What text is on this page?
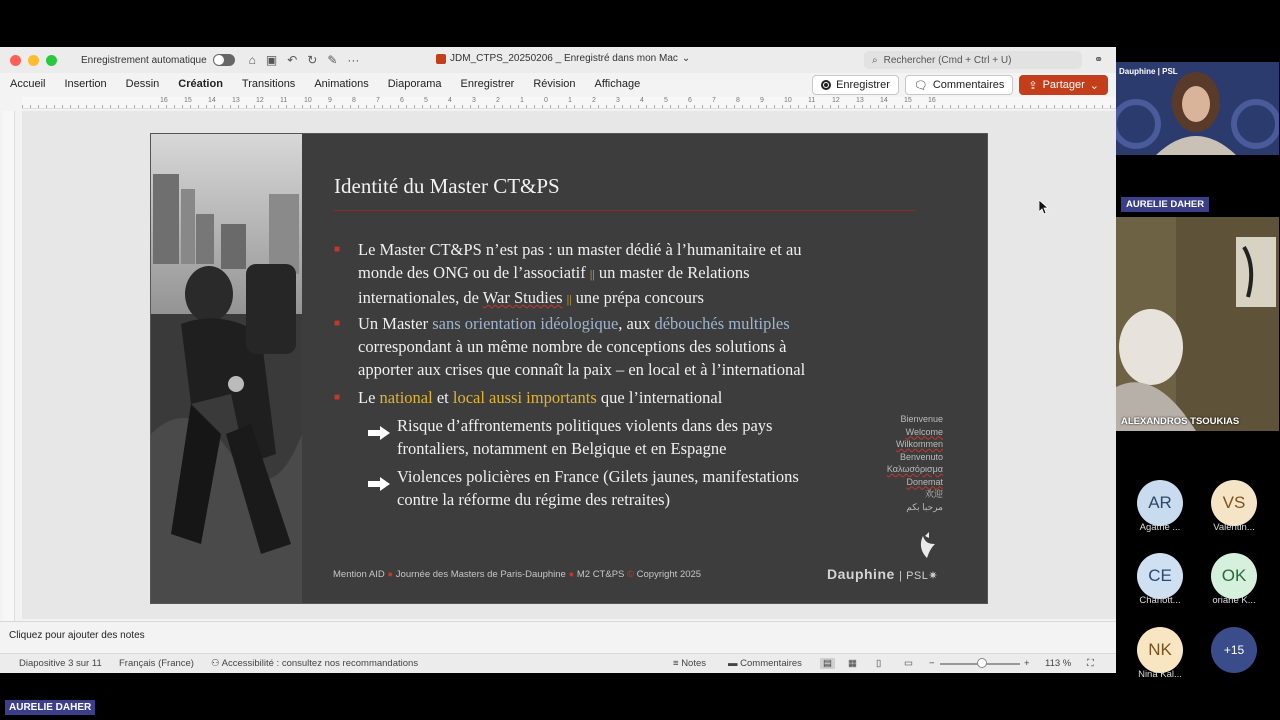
Enregistrement automatique	⌂ ▣ ↶ ↻ ✎ ···	JDM_CTPS_20250206 _ Enregistré dans mon Mac ⌄	⌕ Rechercher (Cmd + Ctrl + U)	⚭
Accueil Insertion Dessin Création Transitions Animations Diaporama Enregistrer Révision Affichage	Enregistrer 🗨 Commentaires ⇪ Partager ⌄
16 15 14 13 12 11 10 9	8	7	6	5	4	3	2	1	0	1	2	3	4	5	6	7	8	9	10 11 12 13 14 15 16
Cliquez pour ajouter des notes
Diapositive 3 sur 11 Français (France) ⚇ Accessibilité : consultez nos recommandations	≡ Notes ▬ Commentaires	▤	▦ ▯ ▭ −	+ 113 % ⛶
Identité du Master CT&PS
■ Le Master CT&PS n’est pas : un master dédié à l’humanitaire et au
monde des ONG ou de l’associatif || un master de Relations
internationales, de War Studies || une prépa concours
■ Un Master sans orientation idéologique, aux débouchés multiples
correspondant à un même nombre de conceptions des solutions à
apporter aux crises que connaît la paix – en local et à l’international
■ Le national et local aussi importants que l’international
Risque d’affrontements politiques violents dans des pays
frontaliers, notamment en Belgique et en Espagne
Violences policières en France (Gilets jaunes, manifestations
contre la réforme du régime des retraites)
Bienvenue
Welcome
Wilkommen
Benvenuto
Καλωσόρισμα
Donemat
欢迎
مرحبا بكم
Mention AID ● Journée des Masters de Paris-Dauphine ● M2 CT&PS © Copyright 2025	Dauphine | PSL✷
Dauphine | PSL
AURELIE DAHER
ALEXANDROS TSOUKIAS
AR
Agathe ...
VS
Valentin...
CE
Charlott...
OK
oriane K...
NK
Nina Kal...
+15
AURELIE DAHER
